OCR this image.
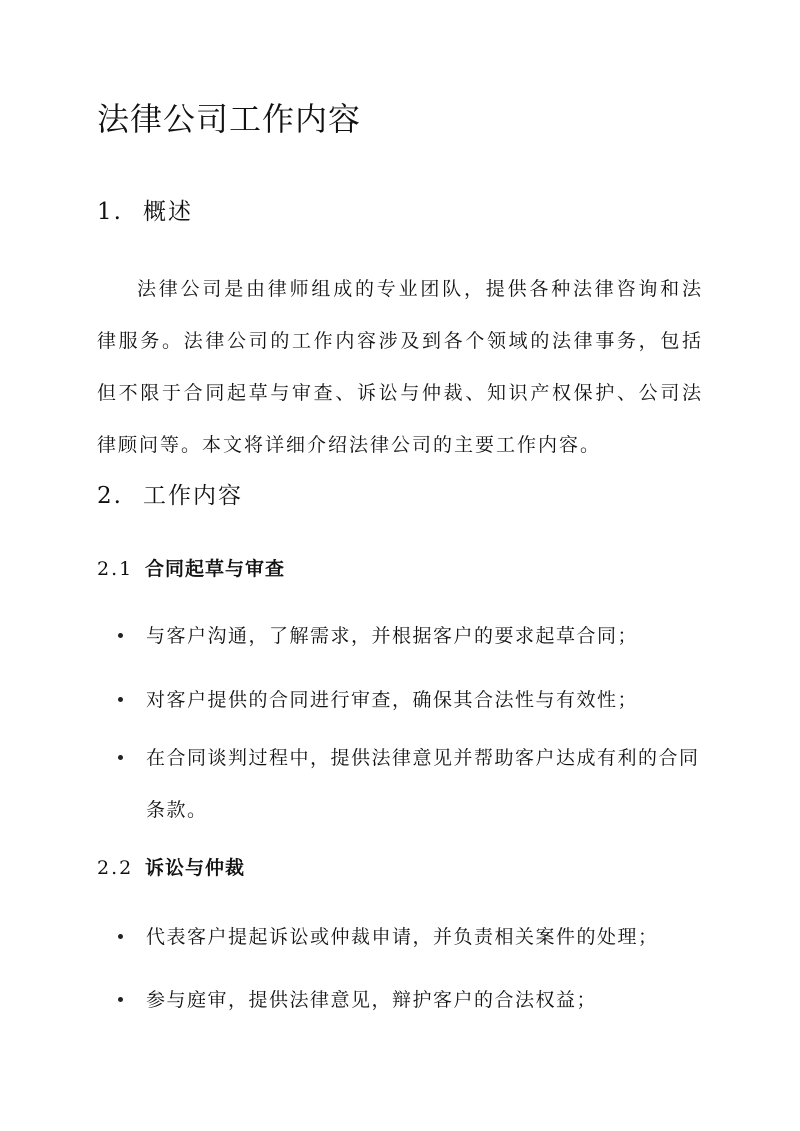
法律公司工作内容
1. 概述

法律公司是由律师组成的专业团队，提供各种法律咨询和法律服务。法律公司的工作内容涉及到各个领域的法律事务，包括但不限于合同起草与审查、诉讼与仲裁、知识产权保护、公司法律顾问等。本文将详细介绍法律公司的主要工作内容。

2. 工作内容
2.1 合同起草与审查
与客户沟通，了解需求，并根据客户的要求起草合同；
对客户提供的合同进行审查，确保其合法性与有效性；
在合同谈判过程中，提供法律意见并帮助客户达成有利的合同条款。
2.2 诉讼与仲裁
代表客户提起诉讼或仲裁申请，并负责相关案件的处理；
参与庭审，提供法律意见，辩护客户的合法权益；
